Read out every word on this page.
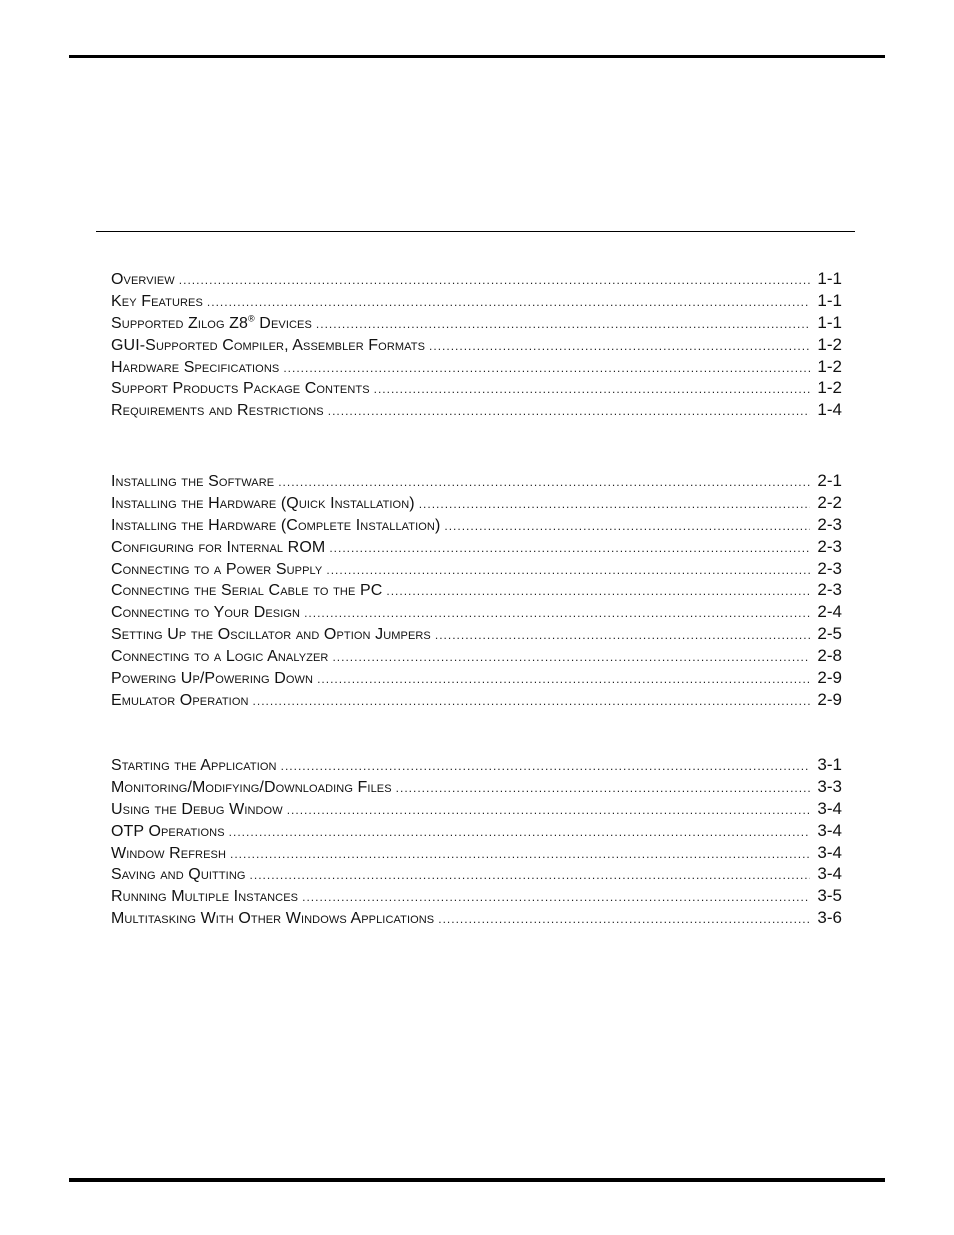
Overview .....	1-1
Key Features .....	1-1
Supported Zilog Z8® Devices .....	1-1
GUI-Supported Compiler, Assembler Formats .....	1-2
Hardware Specifications .....	1-2
Support Products Package Contents .....	1-2
Requirements and Restrictions .....	1-4
Installing the Software .....	2-1
Installing the Hardware (Quick Installation) .....	2-2
Installing the Hardware (Complete Installation) .....	2-3
Configuring for Internal ROM .....	2-3
Connecting to a Power Supply .....	2-3
Connecting the Serial Cable to the PC .....	2-3
Connecting to Your Design .....	2-4
Setting Up the Oscillator and Option Jumpers .....	2-5
Connecting to a Logic Analyzer .....	2-8
Powering Up/Powering Down .....	2-9
Emulator Operation .....	2-9
Starting the Application .....	3-1
Monitoring/Modifying/Downloading Files .....	3-3
Using the Debug Window .....	3-4
OTP Operations .....	3-4
Window Refresh .....	3-4
Saving and Quitting .....	3-4
Running Multiple Instances .....	3-5
Multitasking With Other Windows Applications .....	3-6
